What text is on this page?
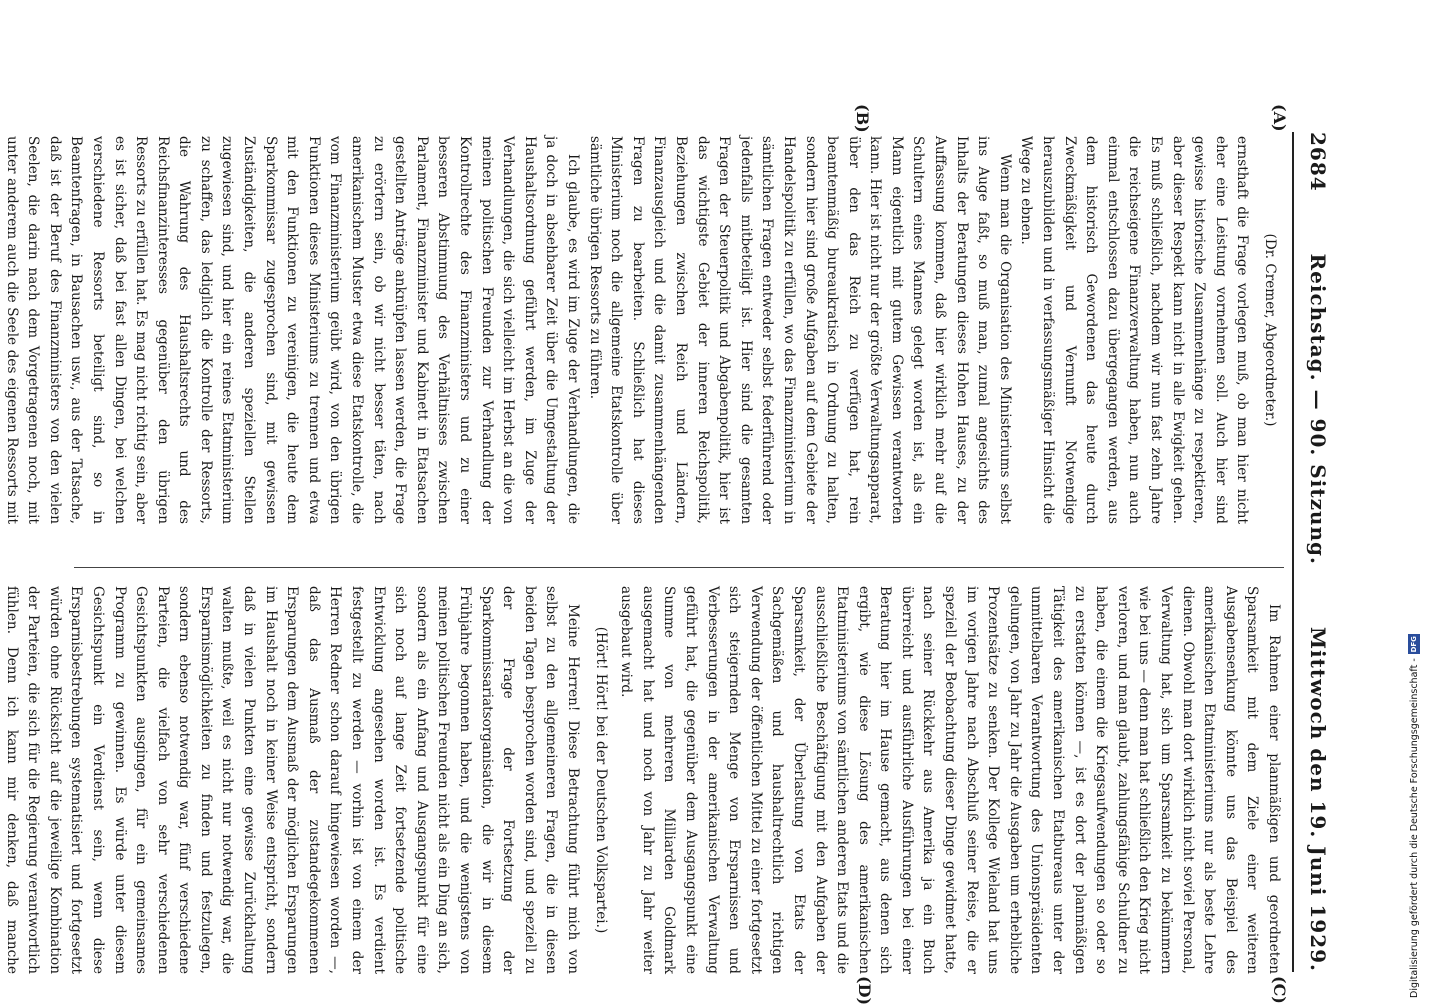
2684
Reichstag. — 90. Sitzung.
Mittwoch den 19. Juni 1929.
(A)
(B)
(C)
(D)

(Dr. Cremer, Abgeordneter.)

ernsthaft die Frage vorlegen muß, ob man hier nicht eher eine Leistung vornehmen soll. Auch hier sind gewisse historische Zusammenhänge zu respektieren, aber dieser Respekt kann nicht in alle Ewigkeit gehen. Es muß schließlich, nachdem wir nun fast zehn Jahre die reichseigene Finanzverwaltung haben, nun auch einmal entschlossen dazu übergegangen werden, aus dem historisch Gewordenen das heute durch Zweckmäßigkeit und Vernunft Notwendige herauszubilden und in verfassungsmäßiger Hinsicht die Wege zu ebnen.

Wenn man die Organisation des Ministeriums selbst ins Auge faßt, so muß man, zumal angesichts des Inhalts der Beratungen dieses Hohen Hauses, zu der Auffassung kommen, daß hier wirklich mehr auf die Schultern eines Mannes gelegt worden ist, als ein Mann eigentlich mit gutem Gewissen verantworten kann. Hier ist nicht nur der größte Verwaltungsapparat, über den das Reich zu verfügen hat, rein beamtenmäßig bureaukratisch in Ordnung zu halten, sondern hier sind große Aufgaben auf dem Gebiete der Handelspolitik zu erfüllen, wo das Finanzministerium in sämtlichen Fragen entweder selbst federführend oder jedenfalls mitbeteiligt ist. Hier sind die gesamten Fragen der Steuerpolitik und Abgabenpolitik, hier ist das wichtigste Gebiet der inneren Reichspolitik, Beziehungen zwischen Reich und Ländern, Finanzausgleich und die damit zusammenhängenden Fragen zu bearbeiten. Schließlich hat dieses Ministerium noch die allgemeine Etatskontrolle über sämtliche übrigen Ressorts zu führen.

Ich glaube, es wird im Zuge der Verhandlungen, die ja doch in absehbarer Zeit über die Umgestaltung der Haushaltsordnung geführt werden, im Zuge der Verhandlungen, die sich vielleicht im Herbst an die von meinen politischen Freunden zur Verhandlung der Kontrollrechte des Finanzministers und zu einer besseren Abstimmung des Verhältnisses zwischen Parlament, Finanzminister und Kabinett in Etatsachen gestellten Anträge anknüpfen lassen werden, die Frage zu erörtern sein, ob wir nicht besser täten, nach amerikanischem Muster etwa diese Etatskontrolle, die vom Finanzministerium geübt wird, von den übrigen Funktionen dieses Ministeriums zu trennen und etwa mit den Funktionen zu vereinigen, die heute dem Sparkommissar zugesprochen sind, mit gewissen Zuständigkeiten, die anderen speziellen Stellen zugewiesen sind, und hier ein reines Etatministerium zu schaffen, das lediglich die Kontrolle der Ressorts, die Wahrung des Haushaltsrechts und des Reichsfinanzinteresses gegenüber den übrigen Ressorts zu erfüllen hat. Es mag nicht richtig sein, aber es ist sicher, daß bei fast allen Dingen, bei welchen verschiedene Ressorts beteiligt sind, so in Beamtenfragen, in Bausachen usw., aus der Tatsache, daß ist der Beruf des Finanzministers von den vielen Seelen, die darin nach dem Vorgetragenen noch, mit unter anderem auch die Seele des eigenen Ressorts mit

Im Rahmen einer planmäßigen und geordneten Sparsamkeit mit dem Ziele einer weiteren Ausgabensenkung könnte uns das Beispiel des amerikanischen Etatministeriums nur als beste Lehre dienen. Obwohl man dort wirklich nicht soviel Personal, Verwaltung hat, sich um Sparsamkeit zu bekümmern wie bei uns — denn man hat schließlich den Krieg nicht verloren, und man glaubt, zahlungsfähige Schuldner zu haben, die einem die Kriegsaufwendungen so oder so zu erstatten können —, ist es dort der planmäßigen Tätigkeit des amerikanischen Etatbureaus unter der unmittelbaren Verantwortung des Unionspräsidenten gelungen, von Jahr zu Jahr die Ausgaben um erhebliche Prozentsätze zu senken. Der Kollege Wieland hat uns im vorigen Jahre nach Abschluß seiner Reise, die er speziell der Beobachtung dieser Dinge gewidmet hatte, nach seiner Rückkehr aus Amerika ja ein Buch überreicht und ausführliche Ausführungen bei einer Beratung hier im Hause gemacht, aus denen sich ergibt, wie diese Lösung des amerikanischen Etatministeriums von sämtlichen anderen Etats und die ausschließliche Beschäftigung mit den Aufgaben der Sparsamkeit, der Überlastung von Etats der Sachgemäßen und haushaltrechtlich richtigen Verwendung der öffentlichen Mittel zu einer fortgesetzt sich steigernden Menge von Ersparnissen und Verbesserungen in der amerikanischen Verwaltung geführt hat, die gegenüber dem Ausgangspunkt eine Summe von mehreren Milliarden Goldmark ausgemacht hat und noch von Jahr zu Jahr weiter ausgebaut wird.

(Hört! Hört! bei der Deutschen Volkspartei.)

Meine Herren! Diese Betrachtung führt mich von selbst zu den allgemeineren Fragen, die in diesen beiden Tagen besprochen worden sind, und speziell zu der Frage der Fortsetzung der Sparkommissariatsorganisation, die wir in diesem Frühjahre begonnen haben, und die wenigstens von meinen politischen Freunden nicht als ein Ding an sich, sondern als ein Anfang und Ausgangspunkt für eine sich noch auf lange Zeit fortsetzende politische Entwicklung angesehen worden ist. Es verdient festgestellt zu werden — vorhin ist von einem der Herren Redner schon darauf hingewiesen worden —, daß das Ausmaß der zustandegekommenen Ersparungen dem Ausmaß der möglichen Ersparungen im Haushalt noch in keiner Weise entspricht, sondern daß in vielen Punkten eine gewisse Zurückhaltung walten mußte, weil es nicht nur notwendig war, die Ersparnismöglichkeiten zu finden und festzulegen, sondern ebenso notwendig war, fünf verschiedene Parteien, die vielfach von sehr verschiedenen Gesichtspunkten ausgingen, für ein gemeinsames Programm zu gewinnen. Es würde unter diesem Gesichtspunkt ein Verdienst sein, wenn diese Ersparnisbestrebungen systematisiert und fortgesetzt würden ohne Rücksicht auf die jeweilige Kombination der Parteien, die sich für die Regierung verantwortlich fühlen. Denn ich kann mir denken, daß manche	Digitalisierung gefördert durch die Deutsche Forschungsgemeinschaft -
DFG
